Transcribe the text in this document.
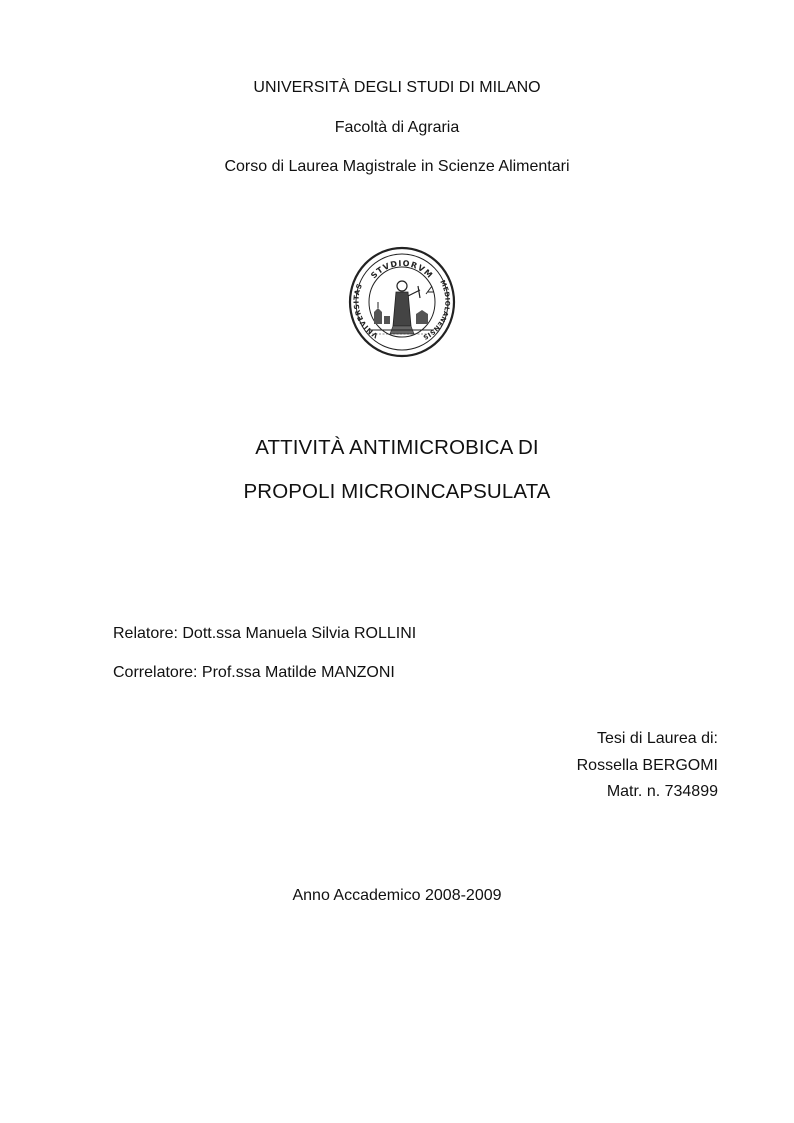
UNIVERSITÀ DEGLI STUDI DI MILANO
Facoltà di Agraria
Corso di Laurea Magistrale in Scienze Alimentari
STVDIORVM
VNIVERSITAS	MEDIOLANENSIS
ATTIVITÀ ANTIMICROBICA DI
PROPOLI MICROINCAPSULATA
Relatore: Dott.ssa Manuela Silvia ROLLINI
Correlatore: Prof.ssa Matilde MANZONI
Tesi di Laurea di:
Rossella BERGOMI
Matr. n. 734899
Anno Accademico 2008-2009
